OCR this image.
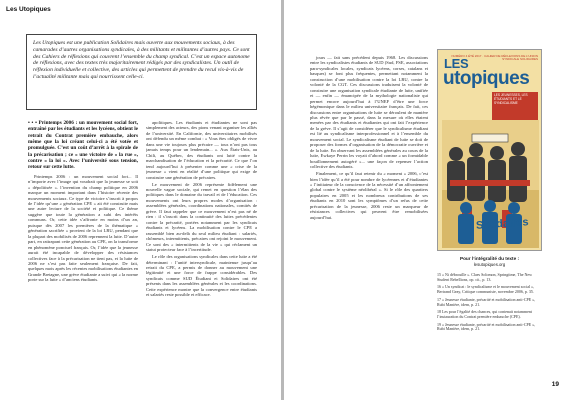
Les Utopiques
Les Utopiques est une publication Solidaires mais ouverte aux mouvements sociaux, à des camarades d’autres organisations syndicales, à des militants et militantes d’autres pays. Ce sont des Cahiers de réflexions qui couvrent l’ensemble du champ syndical. C’est un espace autonome de réflexions, avec des textes très majoritairement rédigés par des syndicalistes. Un outil de réflexion individuelle et collective, des articles qui permettent de prendre du recul vis-à-vis de l’actualité militante mais qui nourrissent celle-ci.

• • • Printemps 2006 : un mouvement social fort, entraîné par les étudiants et les lycéens, obtient le retrait du Contrat première embauche, alors même que la loi créant celui-ci a été votée et promulguée. C’est un coût d’arrêt à la spirale de la précarisation ; ce « une victoire de « la rue », contre « la loi ». Avec l’université sous tension, retour sur cette lutte.

Printemps 2006 : un mouvement social fort... Il n’importe avec l’image qui voudrait que la jeunesse se soit « dépolitisée ». l’invention du champ politique en 2006 marque un moment important dans l’histoire récente des mouvements sociaux. Ce type de victoire s’inscrit à propos de l’idée qu’une « génération CPE » ait été construite mais une autre lecture de la société et politique. Ce thème suggère que toute la génération a subi des intérêts communs. Or, cette idée s’affronte en moins d’un an, puisque dès 2007 les premières de la thématique « génération sacrifiée » provient de la loi LRU, pendant que la plupart des mobilisés de 2006 reprennent la lutte. D’autre part, en rattrapant cette génération au CPE, on la transforme en phénomène ponctuel français. Or, l’idée que la jeunesse aurait été incapable de développer des résistances collectives face à la précarisation ne tient pas, et la lutte de 2006 ne s’est pas faite seulement française. De fait, quelques mois après les récentes mobilisations étudiantes en Grande Bretagne, une grève étudiante a suivi qui « la norme porte sur la lutte » d’anciens étudiants.

apolitiques. Les étudiants et étudiantes ne sont pas simplement des acteurs, des pions venant organiser les alliés de l’université. En Californie, des universitaires mobilisés ont défendu un même combat : « Vous êtes obligés de vivre dans une vie toujours plus précaire — tous n’ont pas tous jamais temps pour un lendemain... ». Aux États-Unis, au Chili, au Québec, des étudiants ont lutté contre la marchandisation de l’éducation et la précarité. Ce que l’on tend aujourd’hui à présenter comme une « crise de la jeunesse » vient en réalité d’une politique qui exige de construire une génération de précaires.

Le mouvement de 2006 représente fidèlement une nouvelle vague sociale, qui remet en question l’élan des politiques dans le domaine du travail et de l’éducation. Ces mouvements ont leurs propres modes d’organisation : assemblées générales, coordinations nationales, comités de grève. Il faut rappeler que ce mouvement n’est pas né de rien : il s’inscrit dans la continuité des luttes précédentes contre la précarité, portées notamment par les syndicats étudiants et lycéens. La mobilisation contre le CPE a rassemblé bien au-delà du seul milieu étudiant : salariés, chômeurs, intermittents, précaires ont rejoint le mouvement. Ce sont des « intermittents de la vie » qui réclament un statut protecteur face à l’incertitude.

Le rôle des organisations syndicales dans cette lutte a été déterminant : l’unité intersyndicale, maintenue jusqu’au retrait du CPE, a permis de donner au mouvement une légitimité et une force de frappe considérables. Des syndicats comme SUD Étudiant et Solidaires ont été présents dans les assemblées générales et les coordinations. Cette expérience montre que la convergence entre étudiants et salariés reste possible et efficace.

jours — fait sans précédent depuis 1968. Les discussions entre les syndicalistes étudiants de SUD (Sud, FSE, associations para-syndicales locales, syndicats lycéens, corses, catalans et basques) se font plus fréquentes, permettant notamment la construction d’une mobilisation contre la loi LRU, contre la volonté de la CGT. Ces discussions traduisent la volonté de construire une organisation syndicale étudiante de lutte, unifiée et — enfin — émancipée de la mythologie nationaliste qui permet encore aujourd’hui à l’UNEF d’être une force hégémonique dans le milieu universitaire français. De fait, ces discussions entre organisations de lutte se déroulent de manière plus rêvée que par le passé, dans la mesure où elles étaient menées par des étudiants et étudiantes qui ont fait l’expérience de la grève. Il s’agit de considérer que le syndicalisme étudiant est lié au syndicalisme interprofessionnel et à l’ensemble du mouvement social. Le syndicalisme étudiant de lutte se doit de proposer des formes d’organisation de la démocratie ouvrière et de la lutte. En observant les assemblées générales au cours de la lutte, Ewkaye Perrin les voyait d’abord comme « un formidable bouillonnement autogéré »... une façon de repenser l’action collective des étudiants.

Finalement, ce qu’il faut retenir du « moment » 2006, c’est bien l’idée qu’il a été pour nombre de lycéennes et d’étudiantes « l’initiateur de la conscience de la nécessité d’un affrontement global contre le système néolibéral ». Si le rôle des quartiers populaires en 2005 et les nombreux contributions de ses étudiants en 2010 sont les symptômes d’un refus de cette précarisation de la jeunesse, 2006 reste un marqueur de résistances collectives qui peuvent être remobilisées aujourd’hui.

NUMÉRO 4 ÉTÉ 2017 · CAHIER DE RÉFLEXIONS DE L’UNION SYNDICALE SOLIDAIRES
LES
utopiques
LES JEUNESSES, LES ÉTUDIANTS ET LE SYNDICALISME
Solidaires
Pour l’intégralité du texte :
lesutopiques.org

15 « Ni débrouille ». Claes Solomon, Springtime, The New Student Rebellions, op. cit., p. 13.

16 « Un syndicat : le syndicalisme et le mouvement social », Bertrand Geay, Critique communiste, novembre 2006, p. 35.

17 « Jeunesse étudiante, précarité et mobilisation anti-CPE », Rubi Manière, idem, p. 21.

18 Les pour l’égalité des chances, qui contenait notamment l’instauration du Contrat première embauche (CPE).

19 « Jeunesse étudiante, précarité et mobilisation anti-CPE », Rubi Manière, idem, p. 21.

19
